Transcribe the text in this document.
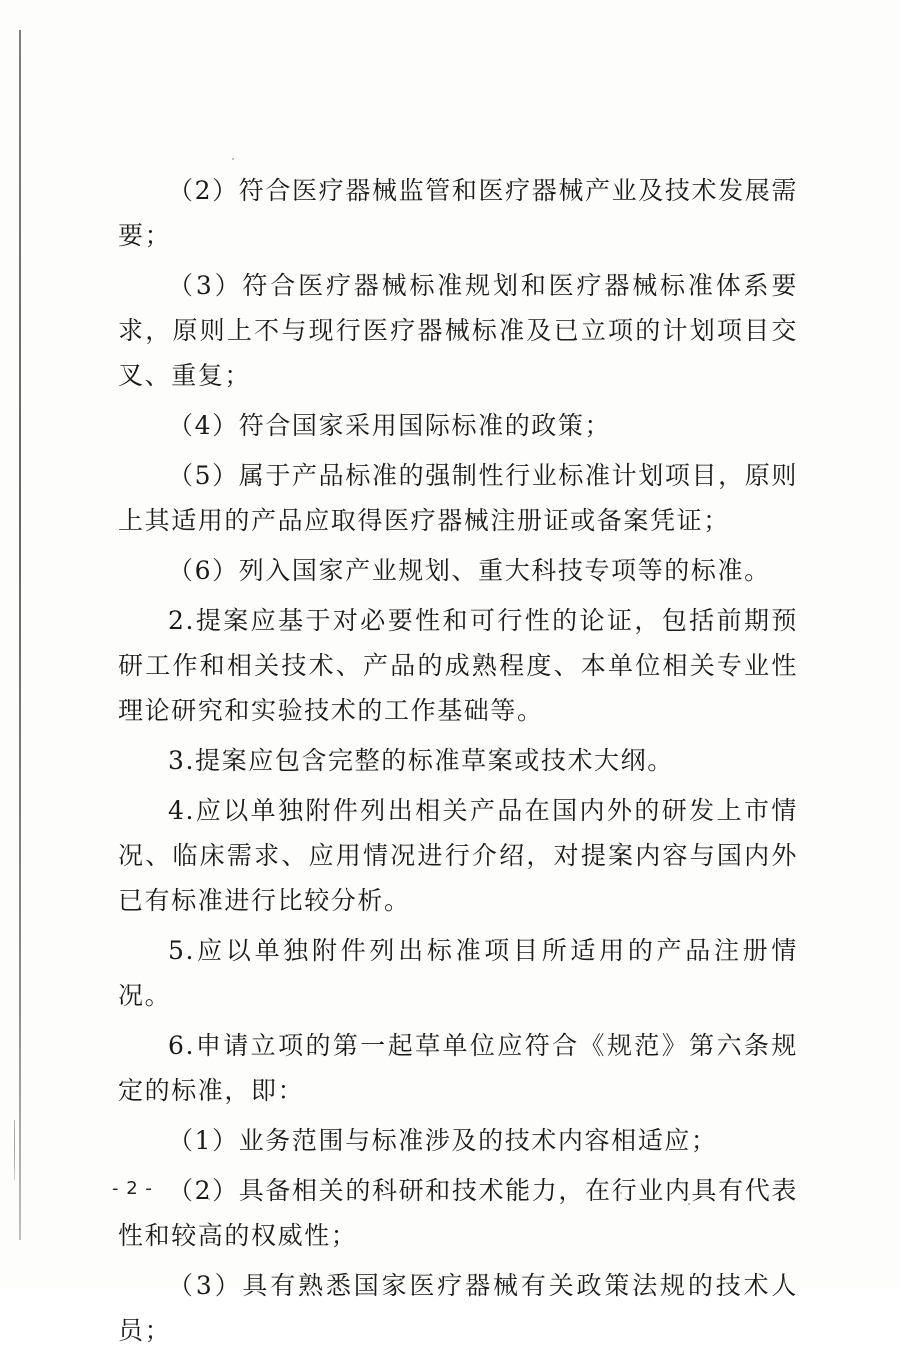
（2）符合医疗器械监管和医疗器械产业及技术发展需要；

（3）符合医疗器械标准规划和医疗器械标准体系要求，原则上不与现行医疗器械标准及已立项的计划项目交叉、重复；

（4）符合国家采用国际标准的政策；

（5）属于产品标准的强制性行业标准计划项目，原则上其适用的产品应取得医疗器械注册证或备案凭证；

（6）列入国家产业规划、重大科技专项等的标准。

2.提案应基于对必要性和可行性的论证，包括前期预研工作和相关技术、产品的成熟程度、本单位相关专业性理论研究和实验技术的工作基础等。

3.提案应包含完整的标准草案或技术大纲。

4.应以单独附件列出相关产品在国内外的研发上市情况、临床需求、应用情况进行介绍，对提案内容与国内外已有标准进行比较分析。

5.应以单独附件列出标准项目所适用的产品注册情况。

6.申请立项的第一起草单位应符合《规范》第六条规定的标准，即：

（1）业务范围与标准涉及的技术内容相适应；

（2）具备相关的科研和技术能力，在行业内具有代表性和较高的权威性；

（3）具有熟悉国家医疗器械有关政策法规的技术人员；

- 2 -
